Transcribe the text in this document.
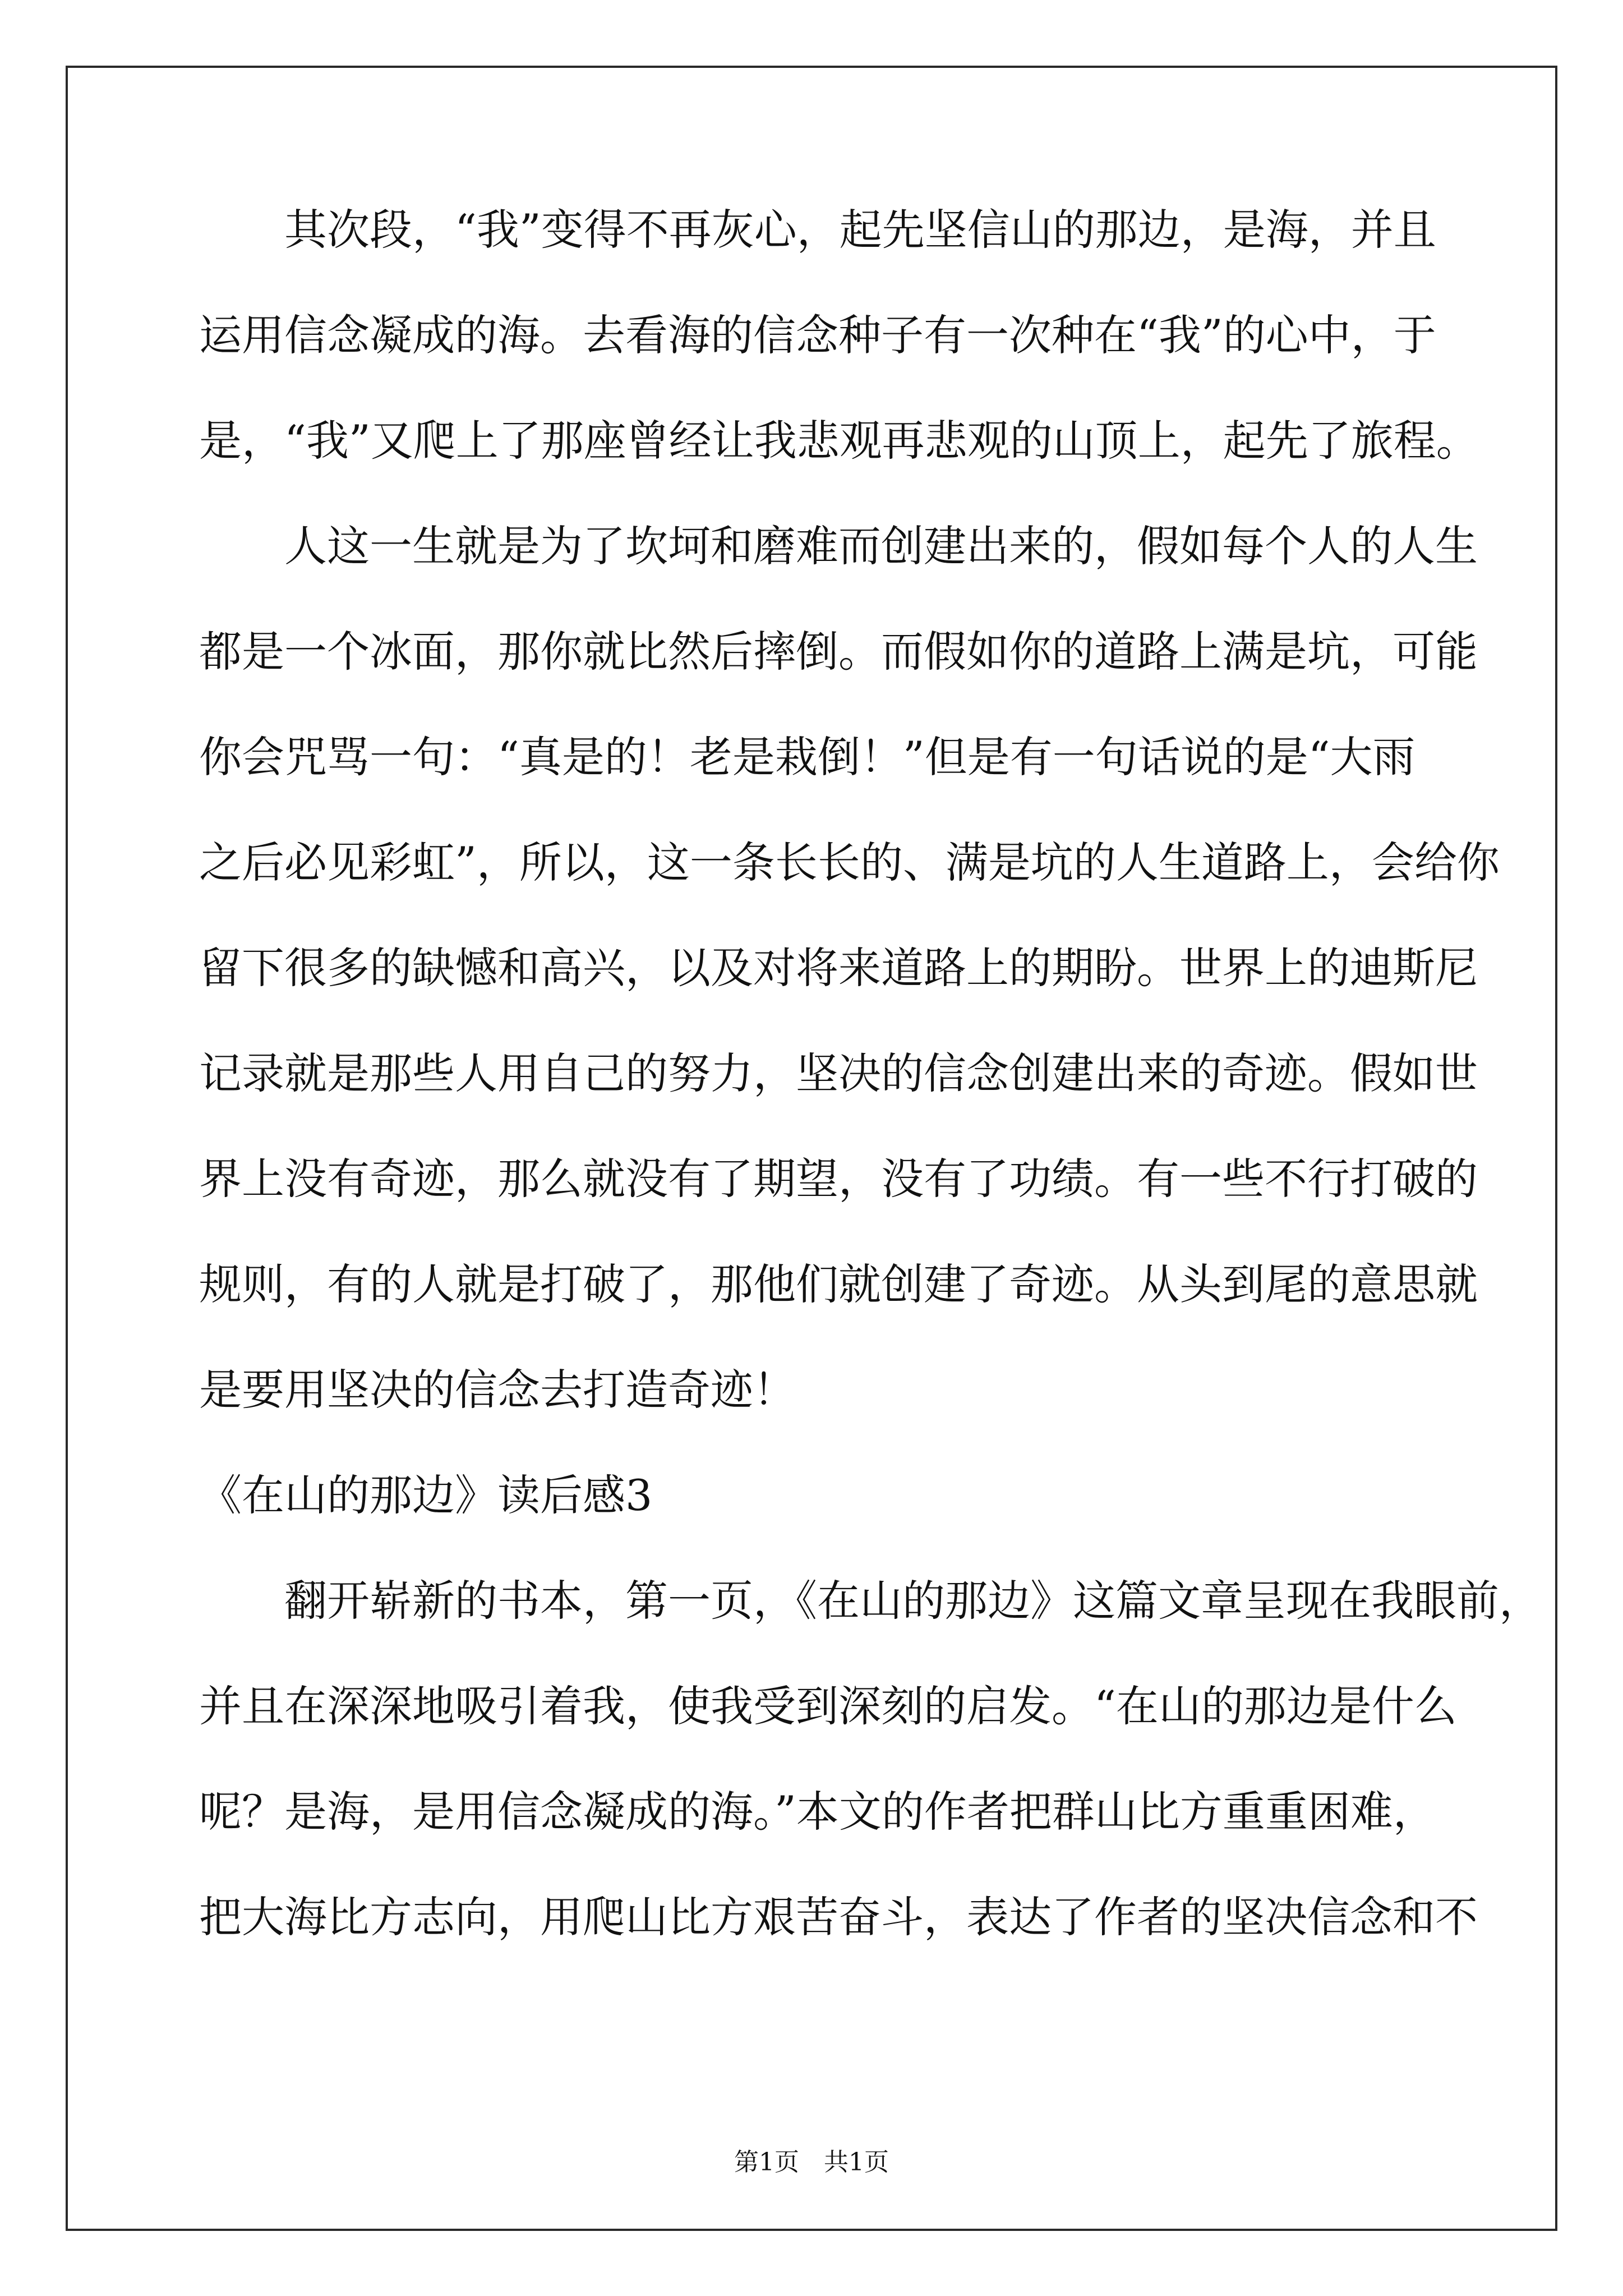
　　其次段，“我”变得不再灰心，起先坚信山的那边，是海，并且
运用信念凝成的海。去看海的信念种子有一次种在“我”的心中，于
是，“我”又爬上了那座曾经让我悲观再悲观的山顶上，起先了旅程。
　　人这一生就是为了坎坷和磨难而创建出来的，假如每个人的人生
都是一个冰面，那你就比然后摔倒。而假如你的道路上满是坑，可能
你会咒骂一句：“真是的！老是栽倒！”但是有一句话说的是“大雨
之后必见彩虹”，所以，这一条长长的、满是坑的人生道路上，会给你
留下很多的缺憾和高兴，以及对将来道路上的期盼。世界上的迪斯尼
记录就是那些人用自己的努力，坚决的信念创建出来的奇迹。假如世
界上没有奇迹，那么就没有了期望，没有了功绩。有一些不行打破的
规则，有的人就是打破了，那他们就创建了奇迹。从头到尾的意思就
是要用坚决的信念去打造奇迹！
《在山的那边》读后感3
　　翻开崭新的书本，第一页，《在山的那边》这篇文章呈现在我眼前，
并且在深深地吸引着我，使我受到深刻的启发。“在山的那边是什么
呢？是海，是用信念凝成的海。”本文的作者把群山比方重重困难，
把大海比方志向，用爬山比方艰苦奋斗，表达了作者的坚决信念和不
第1页　共1页
